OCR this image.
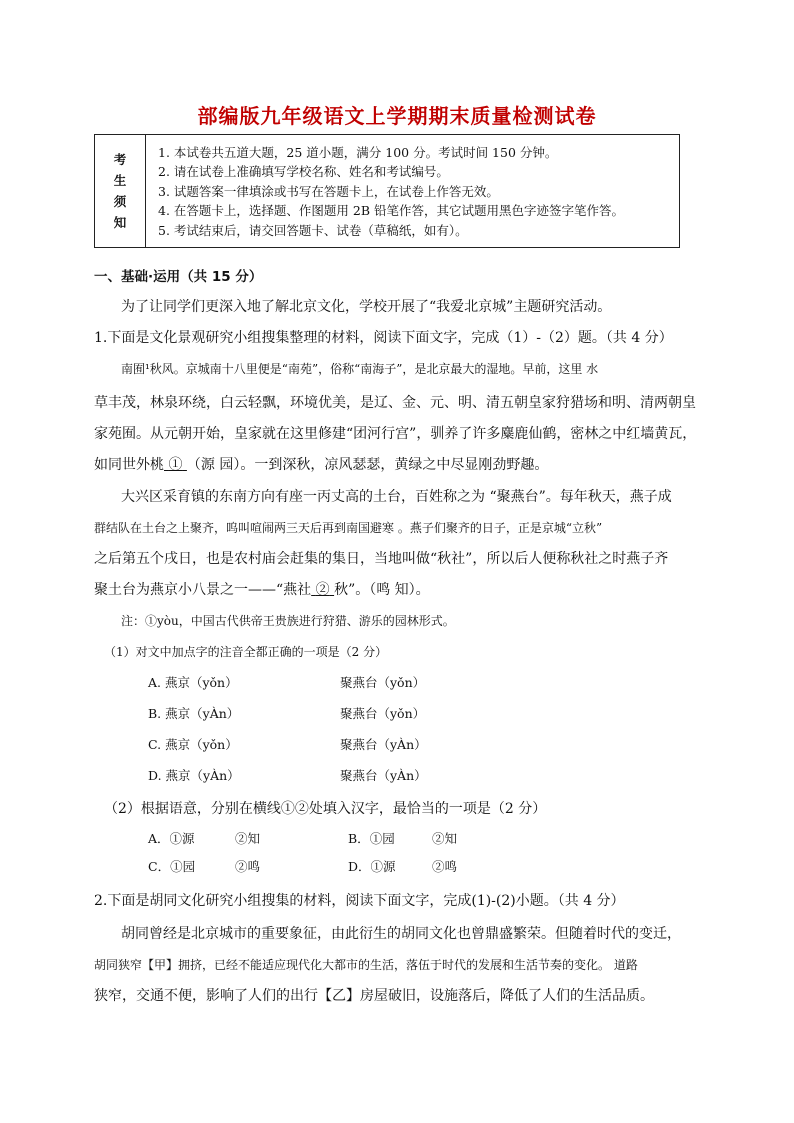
部编版九年级语文上学期期末质量检测试卷
考
生
须
知
1. 本试卷共五道大题，25 道小题，满分 100 分。考试时间 150 分钟。
2. 请在试卷上准确填写学校名称、姓名和考试编号。
3. 试题答案一律填涂或书写在答题卡上，在试卷上作答无效。
4. 在答题卡上，选择题、作图题用 2B 铅笔作答，其它试题用黑色字迹签字笔作答。
5. 考试结束后，请交回答题卡、试卷（草稿纸，如有）。
一、基础·运用（共 15 分）
为了让同学们更深入地了解北京文化，学校开展了“我爱北京城”主题研究活动。
1.下面是文化景观研究小组搜集整理的材料，阅读下面文字，完成（1）-（2）题。（共 4 分）
南囿¹秋风。京城南十八里便是“南苑”，俗称“南海子”，是北京最大的湿地。早前，这里 水
草丰茂，林泉环绕，白云轻飘，环境优美，是辽、金、元、明、清五朝皇家狩猎场和明、清两朝皇
家苑囿。从元朝开始，皇家就在这里修建“团河行宫”，驯养了许多麋鹿仙鹤，密林之中红墙黄瓦，
如同世外桃 ① （源 园）。一到深秋，凉风瑟瑟，黄绿之中尽显刚劲野趣。
大兴区采育镇的东南方向有座一丙丈高的土台，百姓称之为 “聚燕台”。每年秋天，燕子成
群结队在土台之上聚齐，呜叫喧闹两三天后再到南国避寒 。燕子们聚齐的日子，正是京城“立秋”
之后第五个戌日，也是农村庙会赶集的集日，当地叫做“秋社”，所以后人便称秋社之时燕子齐
聚土台为燕京小八景之一——“燕社 ② 秋”。（鸣 知）。
注：①yòu，中国古代供帝王贵族进行狩猎、游乐的园林形式。
（1）对文中加点字的注音全都正确的一项是（2 分）
A. 燕京（yǒn）	聚燕台（yǒn）
B. 燕京（yÀn）	聚燕台（yǒn）
C. 燕京（yǒn）	聚燕台（yÀn）
D. 燕京（yÀn）	聚燕台（yÀn）
（2）根据语意，分别在横线①②处填入汉字，最恰当的一项是（2 分）
A．①源	②知	B．①园	②知
C．①园	②鸣	D．①源	②鸣
2.下面是胡同文化研究小组搜集的材料，阅读下面文字，完成(1)-(2)小题。（共 4 分）
胡同曾经是北京城市的重要象征，由此衍生的胡同文化也曾鼎盛繁荣。但随着时代的变迁，
胡同狭窄【甲】拥挤，已经不能适应现代化大都市的生活，落伍于时代的发展和生活节奏的变化。 道路
狭窄，交通不便，影响了人们的出行【乙】房屋破旧，设施落后，降低了人们的生活品质。
